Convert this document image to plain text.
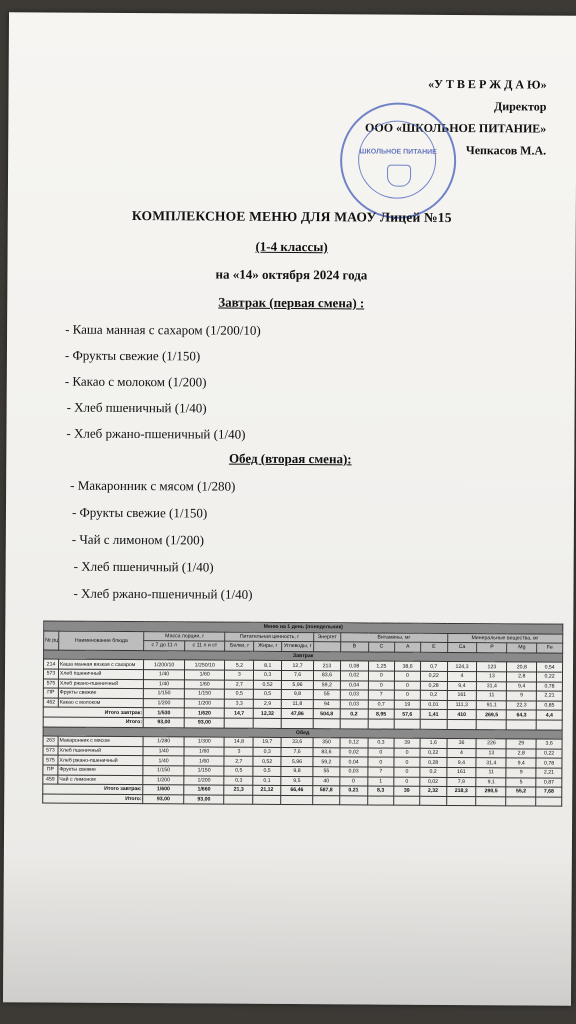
«У Т В Е Р Ж Д А Ю»
Директор
ООО «ШКОЛЬНОЕ ПИТАНИЕ»
Чепкасов М.А.
ШКОЛЬНОЕ ПИТАНИЕ
КОМПЛЕКСНОЕ МЕНЮ ДЛЯ МАОУ Лицей №15
(1-4 классы)
на «14» октября 2024 года
Завтрак (первая смена) :
- Каша манная с сахаром (1/200/10)
- Фрукты свежие (1/150)
- Какао с молоком (1/200)
- Хлеб пшеничный (1/40)
- Хлеб ржано-пшеничный (1/40)
Обед (вторая смена):
- Макаронник с мясом (1/280)
- Фрукты свежие (1/150)
- Чай с лимоном (1/200)
- Хлеб пшеничный (1/40)
- Хлеб ржано-пшеничный (1/40)
Меню на 1 день (понедельник)															
№ рц	Наименование блюда	Масса порции, г		Питательная ценность, г			Энергет	Витамины, мг				Минеральные вещества, мг			
		с 7 до 11 л	с 11 л и ст	Белки, г	Жиры, г	Углеводы, г		B	C	A	E	Ca	P	Mg	Fe
Завтрак															
214	Каша манная вязкая с сахаром	1/200/10	1/250/10	5,2	8,1	12,7	213	0,08	1,25	38,6	0,7	124,3	123	20,8	0,54
573	Хлеб пшеничный	1/40	1/60	3	0,3	7,6	83,6	0,02	0	0	0,22	4	13	2,8	0,22
575	Хлеб ржано-пшеничный	1/40	1/60	2,7	0,52	5,96	59,2	0,04	0	0	0,28	9,4	31,4	9,4	0,78
ПР	Фрукты свежие	1/150	1/150	0,5	0,5	9,8	55	0,03	7	0	0,2	161	11	9	2,21
462	Какао с молоком	1/200	1/200	3,3	2,9	11,8	94	0,03	0,7	19	0,01	111,3	91,1	22,3	0,85
Итого завтрак:		1/530	1/620	14,7	12,32	47,86	504,8	0,2	8,95	57,6	1,41	410	269,5	64,3	4,4
Итого:		93,00	93,00												
Обед															
263	Макаронник с мясом	1/280	1/300	14,8	19,7	33,6	350	0,12	0,3	39	1,6	36	226	29	3,6
573	Хлеб пшеничный	1/40	1/60	3	0,3	7,6	83,6	0,02	0	0	0,22	4	13	2,8	0,22
575	Хлеб ржано-пшеничный	1/40	1/60	2,7	0,52	5,96	59,2	0,04	0	0	0,28	9,4	31,4	9,4	0,78
ПР	Фрукты свежие	1/150	1/150	0,5	0,5	9,8	55	0,03	7	0	0,2	161	11	9	2,21
459	Чай с лимоном	1/200	1/200	0,3	0,1	9,5	40	0	1	0	0,02	7,9	9,1	5	0,87
Итого завтрак:		1/600	1/660	21,3	21,12	66,46	587,8	0,21	8,3	39	2,32	218,3	290,5	55,2	7,68
Итого:		93,00	93,00												
